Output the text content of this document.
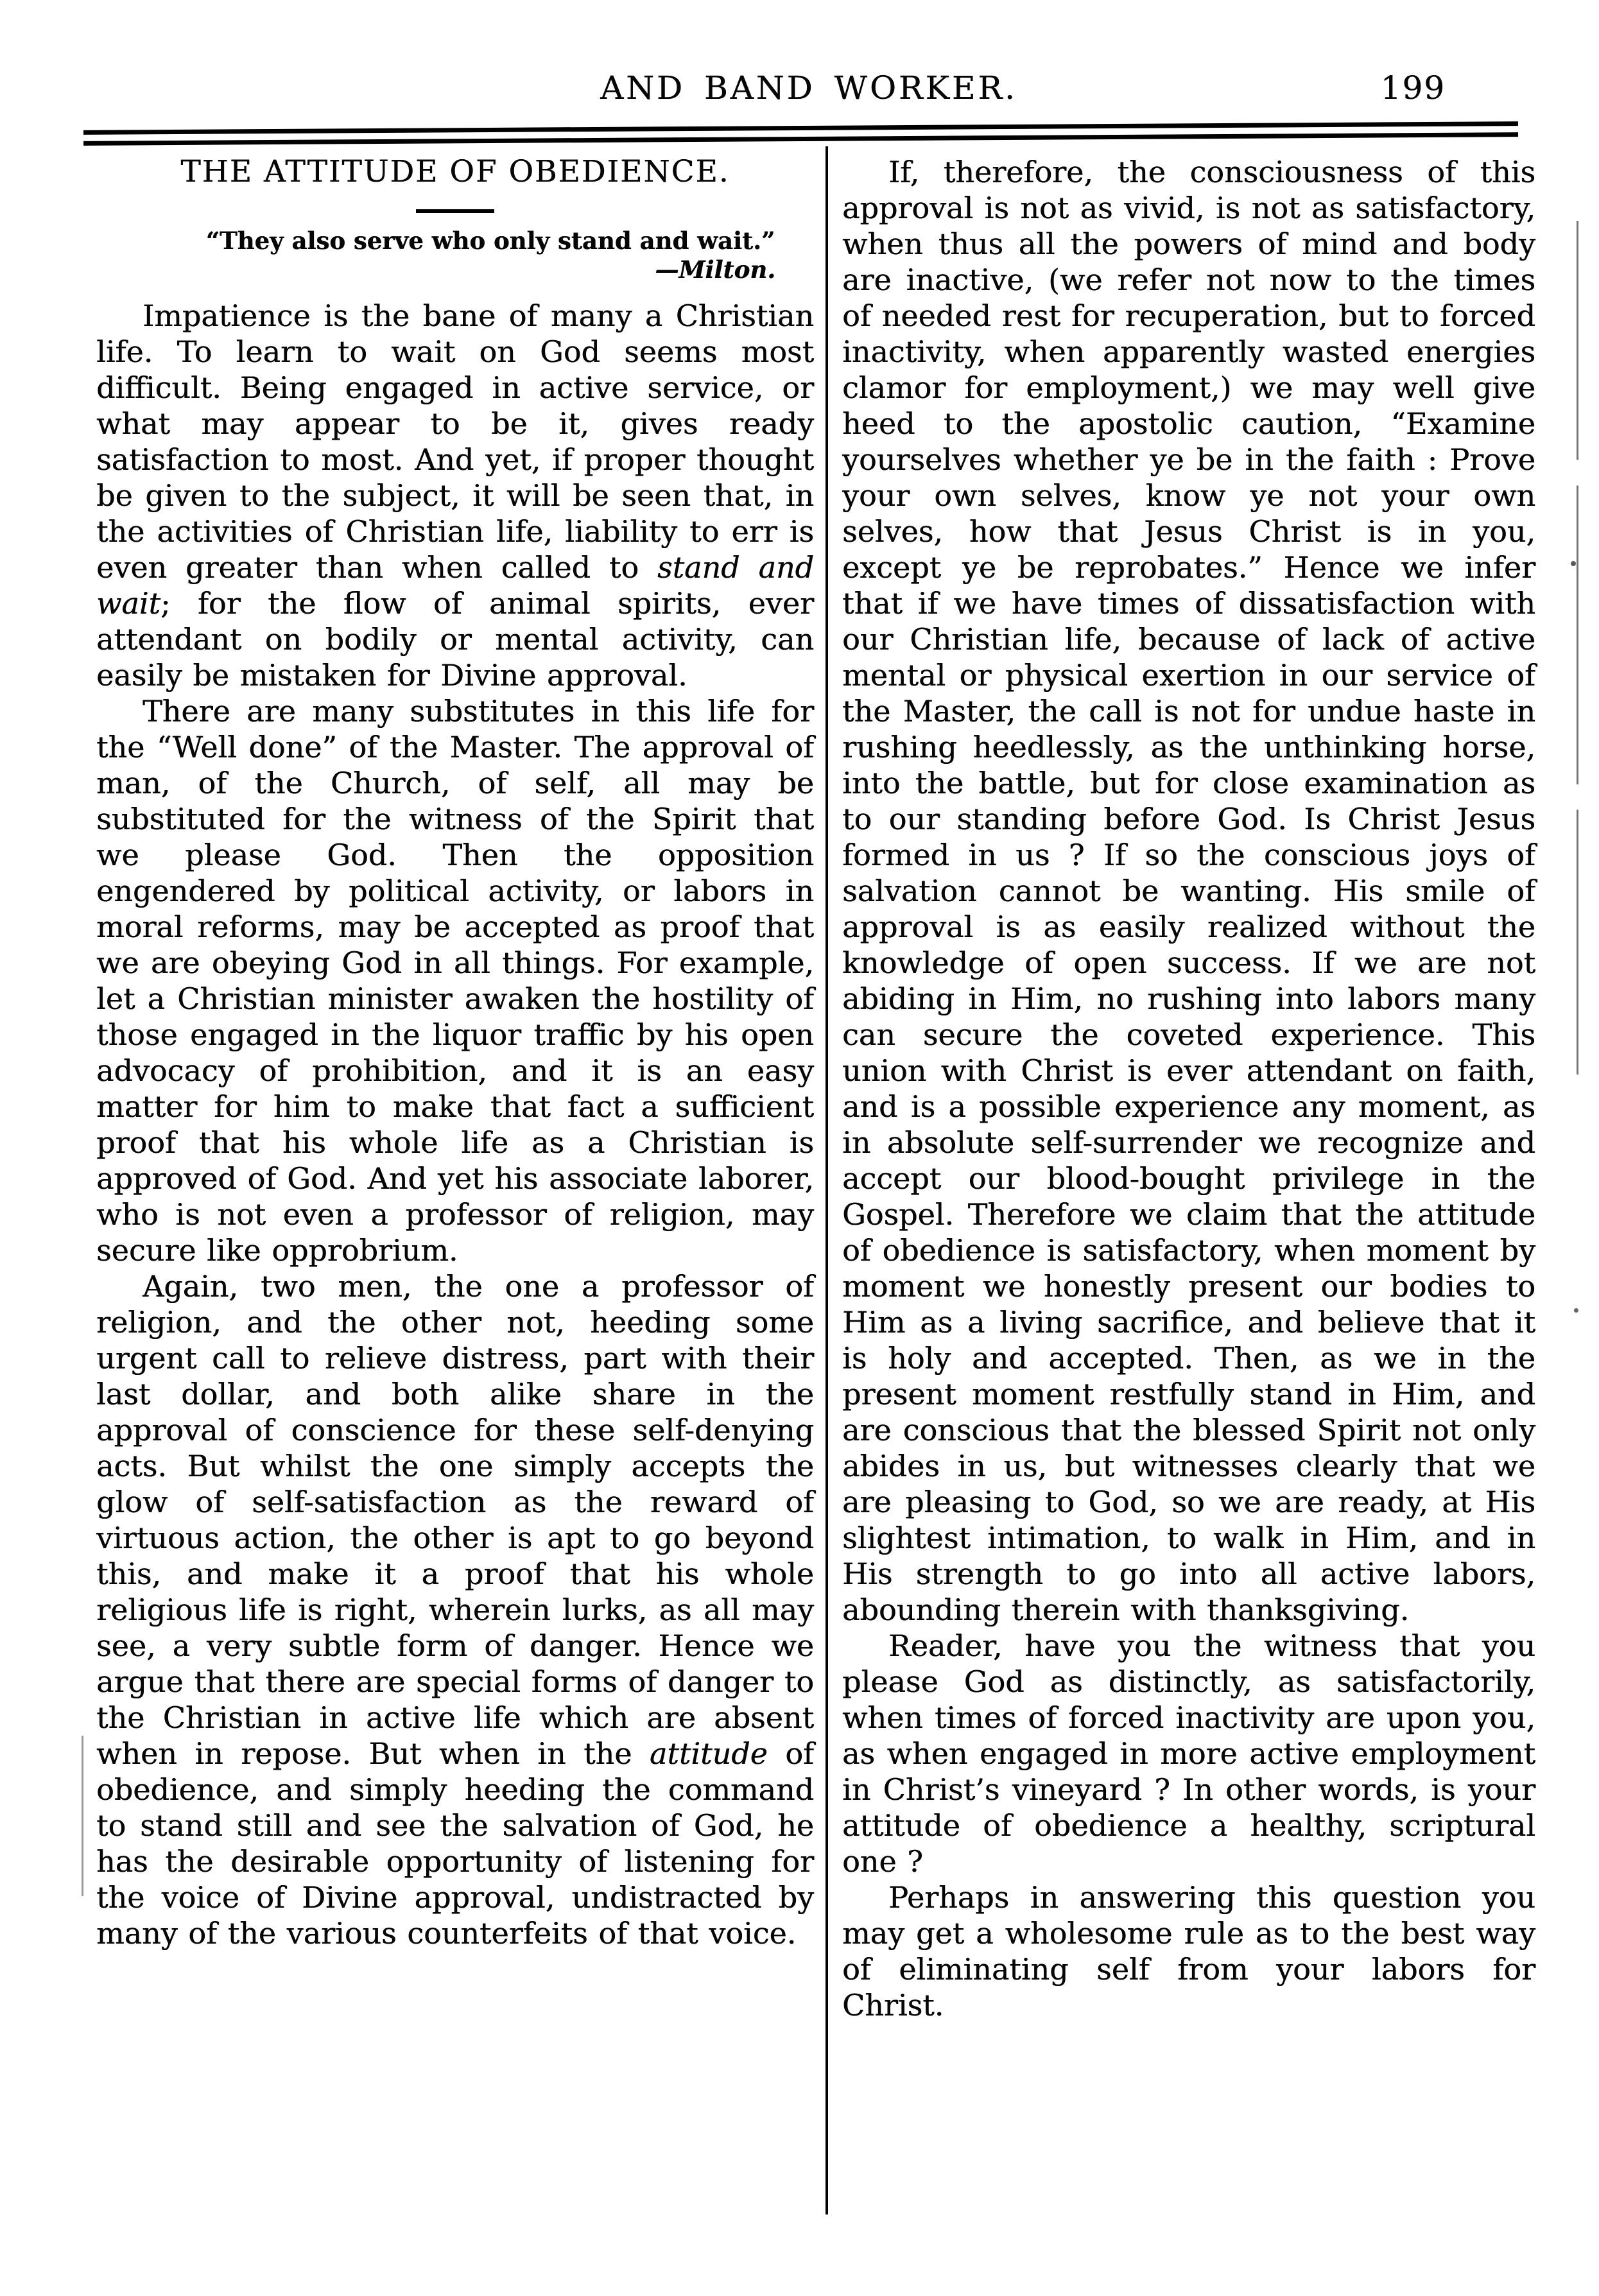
AND BAND WORKER.	199
THE ATTITUDE OF OBEDIENCE.
“They also serve who only stand and wait.”
—Milton.

Impatience is the bane of many a Christian life. To learn to wait on God seems most difficult. Being engaged in active service, or what may appear to be it, gives ready satisfaction to most. And yet, if proper thought be given to the subject, it will be seen that, in the activities of Christian life, liability to err is even greater than when called to stand and wait; for the flow of animal spirits, ever attendant on bodily or mental activity, can easily be mistaken for Divine approval.

There are many substitutes in this life for the “Well done” of the Master. The approval of man, of the Church, of self, all may be substituted for the witness of the Spirit that we please God. Then the opposition engendered by political activity, or labors in moral reforms, may be accepted as proof that we are obeying God in all things. For example, let a Christian minister awaken the hostility of those engaged in the liquor traffic by his open advocacy of prohibition, and it is an easy matter for him to make that fact a sufficient proof that his whole life as a Christian is approved of God. And yet his associate laborer, who is not even a professor of religion, may secure like opprobrium.

Again, two men, the one a professor of religion, and the other not, heeding some urgent call to relieve distress, part with their last dollar, and both alike share in the approval of conscience for these self-denying acts. But whilst the one simply accepts the glow of self-satisfaction as the reward of virtuous action, the other is apt to go beyond this, and make it a proof that his whole religious life is right, wherein lurks, as all may see, a very subtle form of danger. Hence we argue that there are special forms of danger to the Christian in active life which are absent when in repose. But when in the attitude of obedience, and simply heeding the command to stand still and see the salvation of God, he has the desirable opportunity of listening for the voice of Divine approval, undistracted by many of the various counterfeits of that voice.

If, therefore, the consciousness of this approval is not as vivid, is not as satisfactory, when thus all the powers of mind and body are inactive, (we refer not now to the times of needed rest for recuperation, but to forced inactivity, when apparently wasted energies clamor for employment,) we may well give heed to the apostolic caution, “Examine yourselves whether ye be in the faith : Prove your own selves, know ye not your own selves, how that Jesus Christ is in you, except ye be reprobates.” Hence we infer that if we have times of dissatisfaction with our Christian life, because of lack of active mental or physical exertion in our service of the Master, the call is not for undue haste in rushing heedlessly, as the unthinking horse, into the battle, but for close examination as to our standing before God. Is Christ Jesus formed in us ? If so the conscious joys of salvation cannot be wanting. His smile of approval is as easily realized without the knowledge of open success. If we are not abiding in Him, no rushing into labors many can secure the coveted experience. This union with Christ is ever attendant on faith, and is a possible experience any moment, as in absolute self-surrender we recognize and accept our blood-bought privilege in the Gospel. Therefore we claim that the attitude of obedience is satisfactory, when moment by moment we honestly present our bodies to Him as a living sacrifice, and believe that it is holy and accepted. Then, as we in the present moment restfully stand in Him, and are conscious that the blessed Spirit not only abides in us, but witnesses clearly that we are pleasing to God, so we are ready, at His slightest intimation, to walk in Him, and in His strength to go into all active labors, abounding therein with thanksgiving.

Reader, have you the witness that you please God as distinctly, as satisfactorily, when times of forced inactivity are upon you, as when engaged in more active employment in Christ’s vineyard ? In other words, is your attitude of obedience a healthy, scriptural one ?

Perhaps in answering this question you may get a wholesome rule as to the best way of eliminating self from your labors for Christ.
